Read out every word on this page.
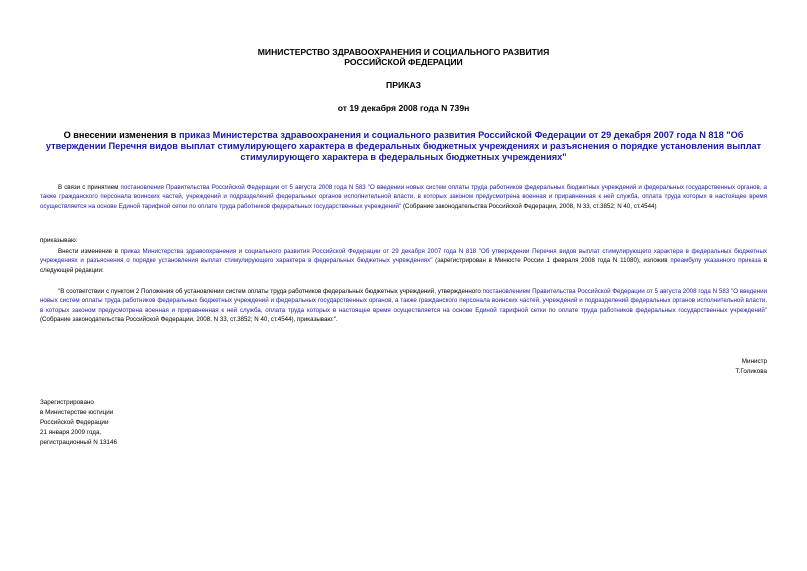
МИНИСТЕРСТВО ЗДРАВООХРАНЕНИЯ И СОЦИАЛЬНОГО РАЗВИТИЯ
РОССИЙСКОЙ ФЕДЕРАЦИИ
ПРИКАЗ
от 19 декабря 2008 года N 739н
О внесении изменения в приказ Министерства здравоохранения и социального развития Российской Федерации от 29 декабря 2007 года N 818 "Об утверждении Перечня видов выплат стимулирующего характера в федеральных бюджетных учреждениях и разъяснения о порядке установления выплат стимулирующего характера в федеральных бюджетных учреждениях"
В связи с принятием постановления Правительства Российской Федерации от 5 августа 2008 года N 583 "О введении новых систем оплаты труда работников федеральных бюджетных учреждений и федеральных государственных органов, а также гражданского персонала воинских частей, учреждений и подразделений федеральных органов исполнительной власти, в которых законом предусмотрена военная и приравненная к ней служба, оплата труда которых в настоящее время осуществляется на основе Единой тарифной сетки по оплате труда работников федеральных государственных учреждений" (Собрание законодательства Российской Федерации, 2008, N 33, ст.3852; N 40, ст.4544)
приказываю:
Внести изменение в приказ Министерства здравоохранения и социального развития Российской Федерации от 29 декабря 2007 года N 818 "Об утверждении Перечня видов выплат стимулирующего характера в федеральных бюджетных учреждениях и разъяснения о порядке установления выплат стимулирующего характера в федеральных бюджетных учреждениях" (зарегистрирован в Минюсте России 1 февраля 2008 года N 11080), изложив преамбулу указанного приказа в следующей редакции:
"В соответствии с пунктом 2 Положения об установлении систем оплаты труда работников федеральных бюджетных учреждений, утвержденного постановлением Правительства Российской Федерации от 5 августа 2008 года N 583 "О введении новых систем оплаты труда работников федеральных бюджетных учреждений и федеральных государственных органов, а также гражданского персонала воинских частей, учреждений и подразделений федеральных органов исполнительной власти, в которых законом предусмотрена военная и приравненная к ней служба, оплата труда которых в настоящее время осуществляется на основе Единой тарифной сетки по оплате труда работников федеральных государственных учреждений" (Собрание законодательства Российской Федерации, 2008, N 33, ст.3852; N 40, ст.4544), приказываю:".
Министр
Т.Голикова
Зарегистрировано
в Министерстве юстиции
Российской Федерации
21 января 2009 года,
регистрационный N 13146
